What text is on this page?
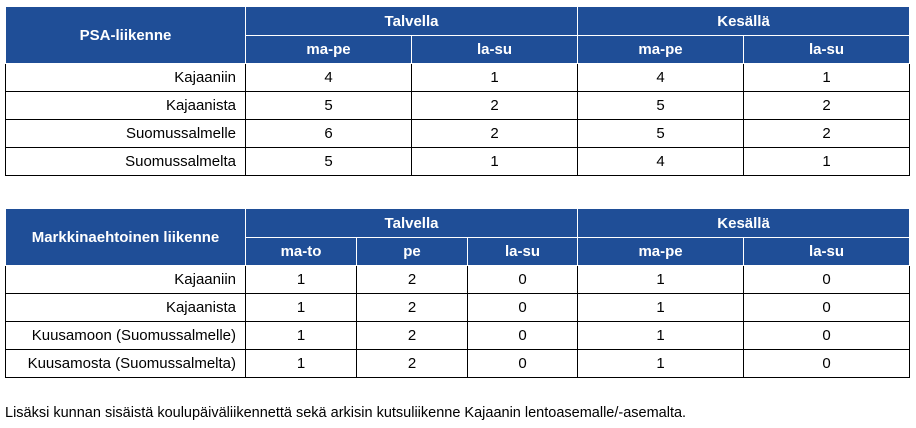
PSA-liikenne	Talvella		Kesällä	
	ma-pe	la-su	ma-pe	la-su
Kajaaniin	4	1	4	1
Kajaanista	5	2	5	2
Suomussalmelle	6	2	5	2
Suomussalmelta	5	1	4	1
Markkinaehtoinen liikenne	Talvella			Kesällä	
	ma-to	pe	la-su	ma-pe	la-su
Kajaaniin	1	2	0	1	0
Kajaanista	1	2	0	1	0
Kuusamoon (Suomussalmelle)	1	2	0	1	0
Kuusamosta (Suomussalmelta)	1	2	0	1	0
Lisäksi kunnan sisäistä koulupäiväliikennettä sekä arkisin kutsuliikenne Kajaanin lentoasemalle/-asemalta.
